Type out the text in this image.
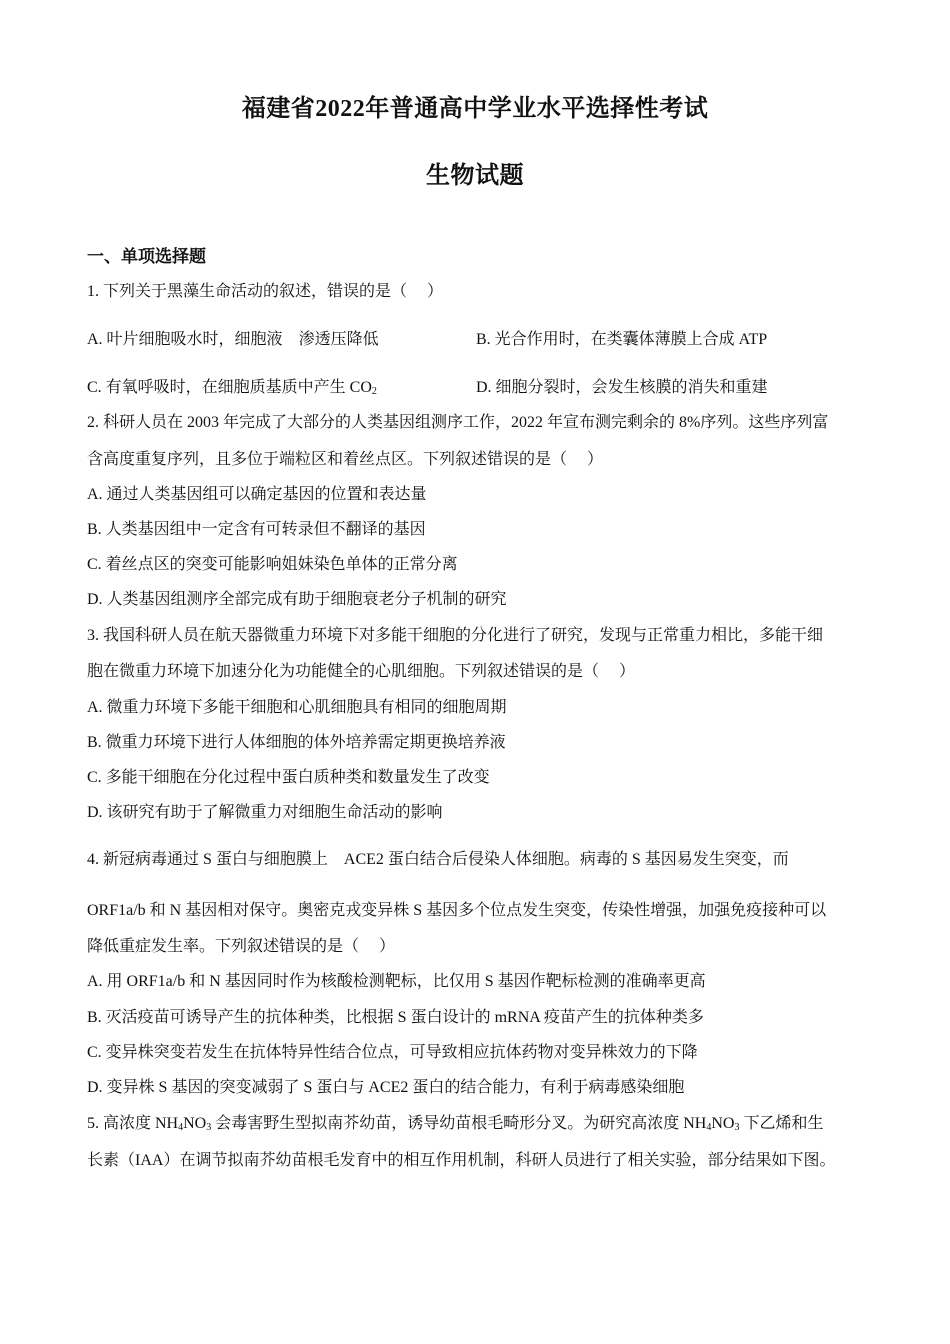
福建省2022年普通高中学业水平选择性考试
生物试题
一、单项选择题
1. 下列关于黑藻生命活动的叙述，错误的是（　 ）
A. 叶片细胞吸水时，细胞液 渗透压降低	B. 光合作用时，在类囊体薄膜上合成 ATP
C. 有氧呼吸时，在细胞质基质中产生 $CO_2$	D. 细胞分裂时，会发生核膜的消失和重建
2. 科研人员在 2003 年完成了大部分的人类基因组测序工作，2022 年宣布测完剩余的 8%序列。这些序列富
含高度重复序列，且多位于端粒区和着丝点区。下列叙述错误的是（　 ）
A. 通过人类基因组可以确定基因的位置和表达量
B. 人类基因组中一定含有可转录但不翻译的基因
C. 着丝点区的突变可能影响姐妹染色单体的正常分离
D. 人类基因组测序全部完成有助于细胞衰老分子机制的研究
3. 我国科研人员在航天器微重力环境下对多能干细胞的分化进行了研究，发现与正常重力相比，多能干细
胞在微重力环境下加速分化为功能健全的心肌细胞。下列叙述错误的是（　 ）
A. 微重力环境下多能干细胞和心肌细胞具有相同的细胞周期
B. 微重力环境下进行人体细胞的体外培养需定期更换培养液
C. 多能干细胞在分化过程中蛋白质种类和数量发生了改变
D. 该研究有助于了解微重力对细胞生命活动的影响
4. 新冠病毒通过 S 蛋白与细胞膜上 ACE2 蛋白结合后侵染人体细胞。病毒的 S 基因易发生突变，而
ORF1a/b 和 N 基因相对保守。奥密克戎变异株 S 基因多个位点发生突变，传染性增强，加强免疫接种可以
降低重症发生率。下列叙述错误的是（　 ）
A. 用 ORF1a/b 和 N 基因同时作为核酸检测靶标，比仅用 S 基因作靶标检测的准确率更高
B. 灭活疫苗可诱导产生的抗体种类，比根据 S 蛋白设计的 mRNA 疫苗产生的抗体种类多
C. 变异株突变若发生在抗体特异性结合位点，可导致相应抗体药物对变异株效力的下降
D. 变异株 S 基因的突变减弱了 S 蛋白与 ACE2 蛋白的结合能力，有利于病毒感染细胞
5. 高浓度 $NH_4NO_3$ 会毒害野生型拟南芥幼苗，诱导幼苗根毛畸形分叉。为研究高浓度 $NH_4NO_3$ 下乙烯和生
长素（IAA）在调节拟南芥幼苗根毛发育中的相互作用机制，科研人员进行了相关实验，部分结果如下图。
